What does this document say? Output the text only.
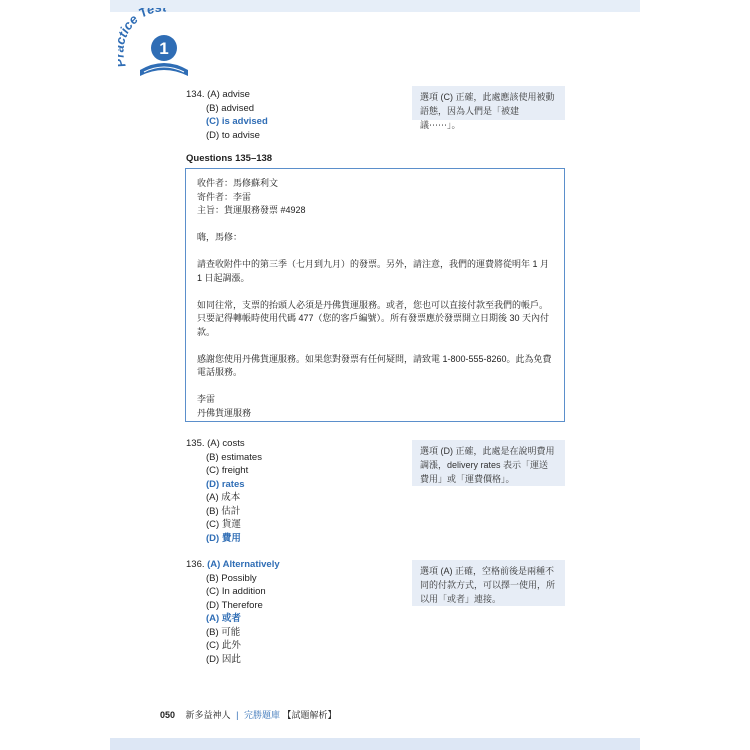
ice Te
1
134. (A) advise
(B) advised
(C) is advised
(D) to advise
選項 (C) 正確，此處應該使用被動語態，因為人們是「被建議⋯⋯」。
Questions 135–138

收件者：馬修蘇利文

寄件者：李雷

主旨：貨運服務發票 #4928

嗨，馬修：

請查收附件中的第三季（七月到九月）的發票。另外，請注意，我們的運費將從明年 1 月 1 日起調漲。

如同往常，支票的抬頭人必須是丹佛貨運服務。或者，您也可以直接付款至我們的帳戶。只要記得轉帳時使用代碼 477（您的客戶編號）。所有發票應於發票開立日期後 30 天內付款。

感謝您使用丹佛貨運服務。如果您對發票有任何疑問，請致電 1-800-555-8260。此為免費電話服務。

李雷

丹佛貨運服務

135. (A) costs
(B) estimates
(C) freight
(D) rates
(A) 成本
(B) 估計
(C) 貨運
(D) 費用
選項 (D) 正確，此處是在說明費用調漲，delivery rates 表示「運送費用」或「運費價格」。
136. (A) Alternatively
(B) Possibly
(C) In addition
(D) Therefore
(A) 或者
(B) 可能
(C) 此外
(D) 因此
選項 (A) 正確，空格前後是兩種不同的付款方式，可以擇一使用，所以用「或者」連接。
050 新多益神人 | 完勝題庫 【試題解析】
